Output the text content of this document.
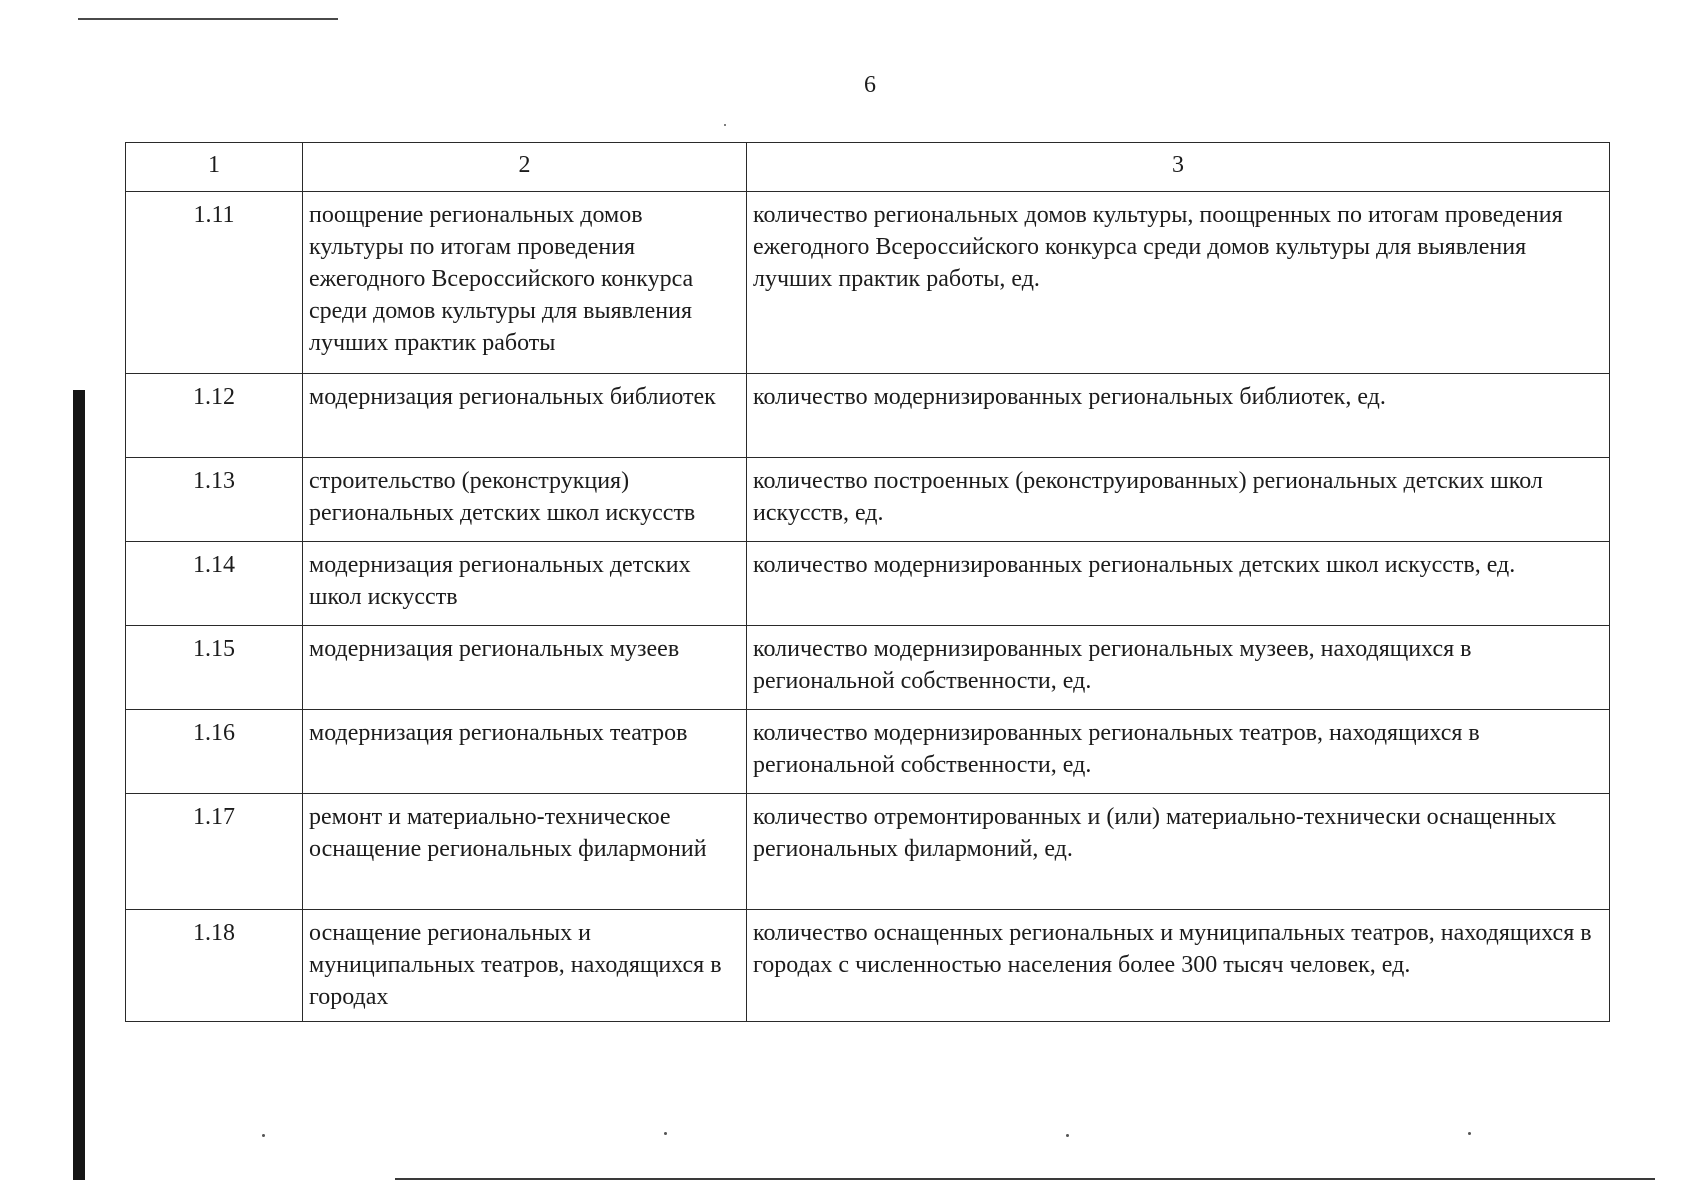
6
1	2	3
1.11	поощрение региональных домов культуры по итогам проведения ежегодного Всероссийского конкурса среди домов культуры для выявления лучших практик работы	количество региональных домов культуры, поощренных по итогам проведения ежегодного Всероссийского конкурса среди домов культуры для выявления лучших практик работы, ед.
1.12	модернизация региональных библиотек	количество модернизированных региональных библиотек, ед.
1.13	строительство (реконструкция) региональных детских школ искусств	количество построенных (реконструированных) региональных детских школ искусств, ед.
1.14	модернизация региональных детских школ искусств	количество модернизированных региональных детских школ искусств, ед.
1.15	модернизация региональных музеев	количество модернизированных региональных музеев, находящихся в региональной собственности, ед.
1.16	модернизация региональных театров	количество модернизированных региональных театров, находящихся в региональной собственности, ед.
1.17	ремонт и материально-техническое оснащение региональных филармоний	количество отремонтированных и (или) материально-технически оснащенных региональных филармоний, ед.
1.18	оснащение региональных и муниципальных театров, находящихся в городах	количество оснащенных региональных и муниципальных театров, находящихся в городах с численностью населения более 300 тысяч человек, ед.
